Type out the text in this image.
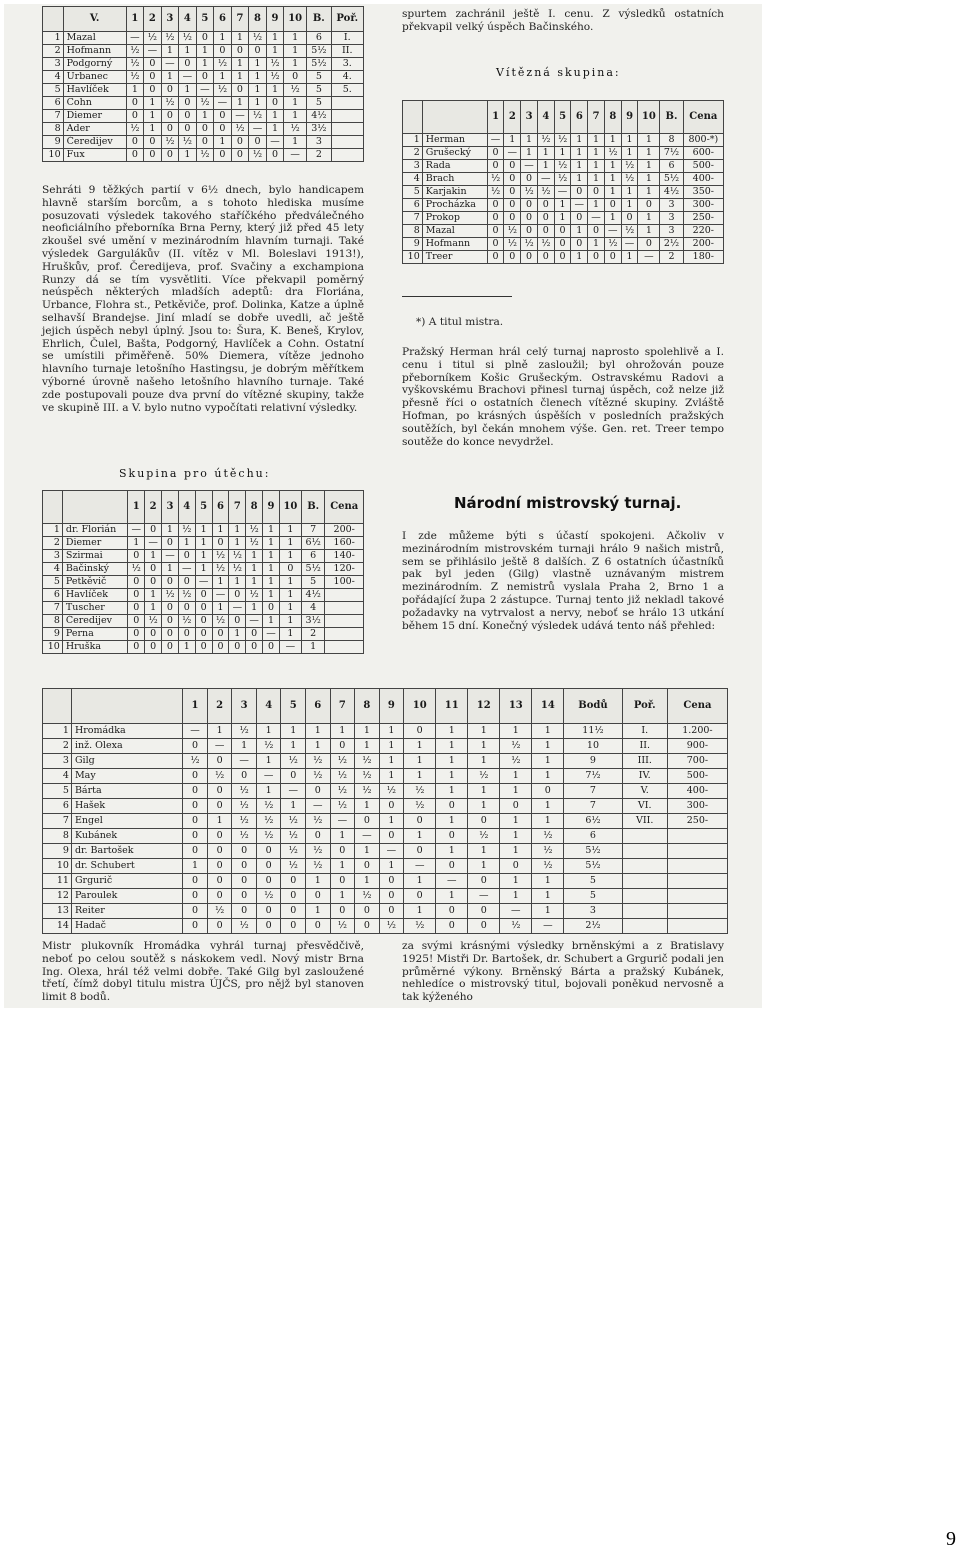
	V.	1	2	3	4	5	6	7	8	9	10	B.	Poř.
1	Mazal	—	½	½	½	0	1	1	½	1	1	6	I.
2	Hofmann	½	—	1	1	1	0	0	0	1	1	5½	II.
3	Podgorný	½	0	—	0	1	½	1	1	½	1	5½	3.
4	Urbanec	½	0	1	—	0	1	1	1	½	0	5	4.
5	Havlíček	1	0	0	1	—	½	0	1	1	½	5	5.
6	Cohn	0	1	½	0	½	—	1	1	0	1	5	
7	Diemer	0	1	0	0	1	0	—	½	1	1	4½	
8	Ader	½	1	0	0	0	0	½	—	1	½	3½	
9	Čeredijev	0	0	½	½	0	1	0	0	—	1	3	
10	Fux	0	0	0	1	½	0	0	½	0	—	2	

spurtem zachránil ještě I. cenu. Z výsledků ostatních překvapil velký úspěch Bačinského.

Vítězná skupina:
		1	2	3	4	5	6	7	8	9	10	B.	Cena
1	Herman	—	1	1	½	½	1	1	1	1	1	8	800-*)
2	Grušecký	0	—	1	1	1	1	1	½	1	1	7½	600-
3	Rada	0	0	—	1	½	1	1	1	½	1	6	500-
4	Brach	½	0	0	—	½	1	1	1	½	1	5½	400-
5	Karjakin	½	0	½	½	—	0	0	1	1	1	4½	350-
6	Procházka	0	0	0	0	1	—	1	0	1	0	3	300-
7	Prokop	0	0	0	0	1	0	—	1	0	1	3	250-
8	Mazal	0	½	0	0	0	1	0	—	½	1	3	220-
9	Hofmann	0	½	½	½	0	0	1	½	—	0	2½	200-
10	Treer	0	0	0	0	0	1	0	0	1	—	2	180-

Sehráti 9 těžkých partií v 6½ dnech, bylo handicapem hlavně starším borcům, a s tohoto hlediska musíme posuzovati výsledek takového staříčkého předválečného neoficiálního přeborníka Brna Perny, který již před 45 lety zkoušel své umění v mezinárodním hlavním turnaji. Také výsledek Gargulákův (II. vítěz v Ml. Boleslavi 1913!), Hruškův, prof. Čeredijeva, prof. Svačiny a exchampiona Runzy dá se tím vysvětliti. Více překvapil poměrný neúspěch některých mladších adeptů: dra Floriána, Urbance, Flohra st., Petkěviče, prof. Dolinka, Katze a úplně selhavší Brandejse. Jiní mladí se dobře uvedli, ač ještě jejich úspěch nebyl úplný. Jsou to: Šura, K. Beneš, Krylov, Ehrlich, Čulel, Bašta, Podgorný, Havlíček a Cohn. Ostatní se umístili přiměřeně. 50% Diemera, vítěze jednoho hlavního turnaje letošního Hastingsu, je dobrým měřítkem výborné úrovně našeho letošního hlavního turnaje. Také zde postupovali pouze dva první do vítězné skupiny, takže ve skupině III. a V. bylo nutno vypočítati relativní výsledky.

*) A titul mistra.

Pražský Herman hrál celý turnaj naprosto spolehlivě a I. cenu i titul si plně zasloužil; byl ohrožován pouze přeborníkem Košic Grušeckým. Ostravskému Radovi a vyškovskému Brachovi přinesl turnaj úspěch, což nelze již přesně říci o ostatních členech vítězné skupiny. Zvláště Hofman, po krásných úspěších v posledních pražských soutěžích, byl čekán mnohem výše. Gen. ret. Treer tempo soutěže do konce nevydržel.

Skupina pro útěchu:
		1	2	3	4	5	6	7	8	9	10	B.	Cena
1	dr. Florián	—	0	1	½	1	1	1	½	1	1	7	200-
2	Diemer	1	—	0	1	1	0	1	½	1	1	6½	160-
3	Szirmai	0	1	—	0	1	½	½	1	1	1	6	140-
4	Bačinský	½	0	1	—	1	½	½	1	1	0	5½	120-
5	Petkěvič	0	0	0	0	—	1	1	1	1	1	5	100-
6	Havlíček	0	1	½	½	0	—	0	½	1	1	4½	
7	Tuscher	0	1	0	0	0	1	—	1	0	1	4	
8	Čeredijev	0	½	0	½	0	½	0	—	1	1	3½	
9	Perna	0	0	0	0	0	0	1	0	—	1	2	
10	Hruška	0	0	0	1	0	0	0	0	0	—	1	
Národní mistrovský turnaj.

I zde můžeme býti s účastí spokojeni. Ačkoliv v mezinárodním mistrovském turnaji hrálo 9 našich mistrů, sem se přihlásilo ještě 8 dalších. Z 6 ostatních účastníků pak byl jeden (Gilg) vlastně uznávaným mistrem mezinárodním. Z nemistrů vyslala Praha 2, Brno 1 a pořádající župa 2 zástupce. Turnaj tento již nekladl takové požadavky na vytrvalost a nervy, neboť se hrálo 13 utkání během 15 dní. Konečný výsledek udává tento náš přehled:

		1	2	3	4	5	6	7	8	9	10	11	12	13	14	Bodů	Poř.	Cena
1	Hromádka	—	1	½	1	1	1	1	1	1	0	1	1	1	1	11½	I.	1.200-
2	inž. Olexa	0	—	1	½	1	1	0	1	1	1	1	1	½	1	10	II.	900-
3	Gilg	½	0	—	1	½	½	½	½	1	1	1	1	½	1	9	III.	700-
4	May	0	½	0	—	0	½	½	½	1	1	1	½	1	1	7½	IV.	500-
5	Bárta	0	0	½	1	—	0	½	½	½	½	1	1	1	0	7	V.	400-
6	Hašek	0	0	½	½	1	—	½	1	0	½	0	1	0	1	7	VI.	300-
7	Engel	0	1	½	½	½	½	—	0	1	0	1	0	1	1	6½	VII.	250-
8	Kubánek	0	0	½	½	½	0	1	—	0	1	0	½	1	½	6		
9	dr. Bartošek	0	0	0	0	½	½	0	1	—	0	1	1	1	½	5½		
10	dr. Schubert	1	0	0	0	½	½	1	0	1	—	0	1	0	½	5½		
11	Grgurič	0	0	0	0	0	1	0	1	0	1	—	0	1	1	5		
12	Paroulek	0	0	0	½	0	0	1	½	0	0	1	—	1	1	5		
13	Reiter	0	½	0	0	0	1	0	0	0	1	0	0	—	1	3		
14	Hadač	0	0	½	0	0	0	½	0	½	½	0	0	½	—	2½		

Mistr plukovník Hromádka vyhrál turnaj přesvědčivě, neboť po celou soutěž s náskokem vedl. Nový mistr Brna Ing. Olexa, hrál též velmi dobře. Také Gilg byl zasloužené třetí, čímž dobyl titulu mistra ÚJČS, pro nějž byl stanoven limit 8 bodů.

za svými krásnými výsledky brněnskými a z Bratislavy 1925! Mistři Dr. Bartošek, dr. Schubert a Grgurič podali jen průměrné výkony. Brněnský Bárta a pražský Kubánek, nehledíce o mistrovský titul, bojovali poněkud nervosně a tak kýženého

9
